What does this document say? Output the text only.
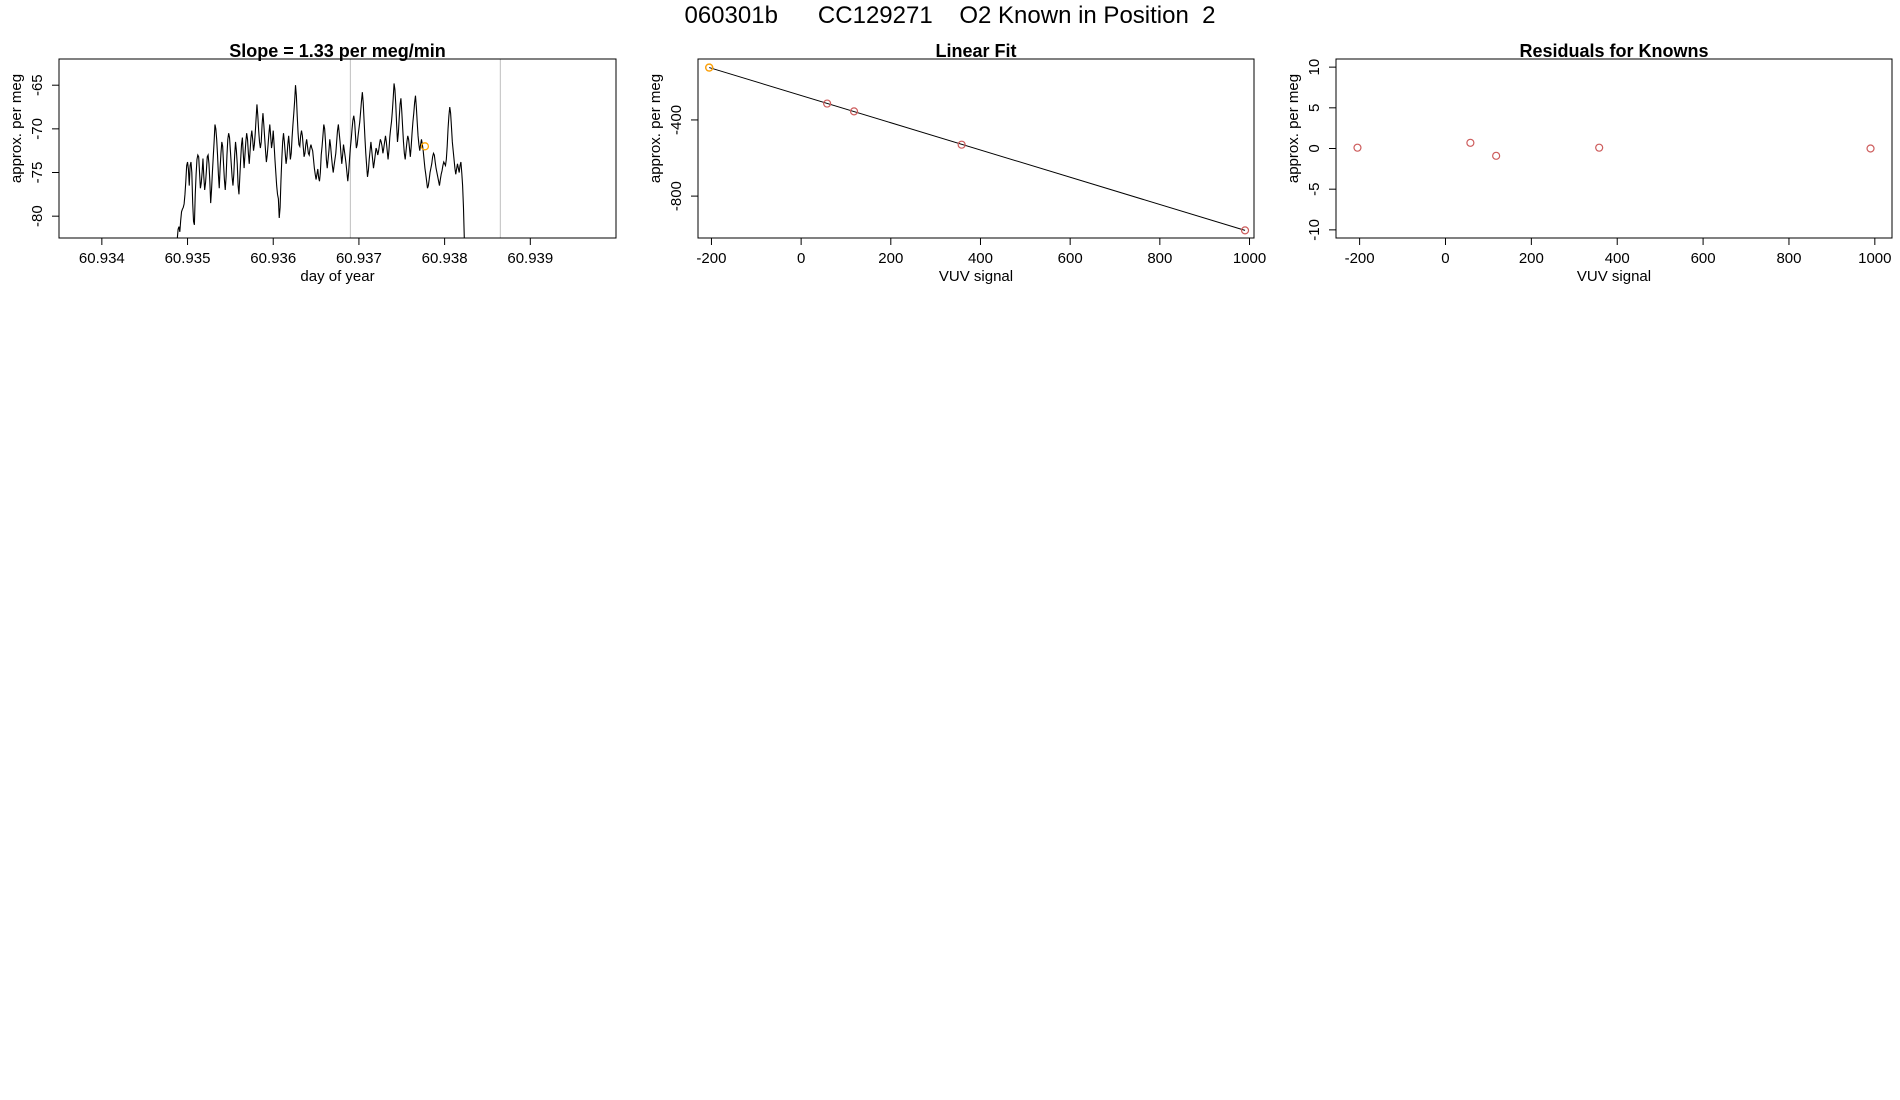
060301b      CC129271    O2 Known in Position  2
Slope = 1.33 per meg/min
60.934	60.935	60.936	60.937	60.938	60.939
-80
-75
-70
-65
day of year
approx. per meg
Linear Fit
-200	0	200	400	600	800	1000
-800
-400
VUV signal
approx. per meg
Residuals for Knowns
-200	0	200	400	600	800	1000
-10
-5
0
5
10
VUV signal
approx. per meg
